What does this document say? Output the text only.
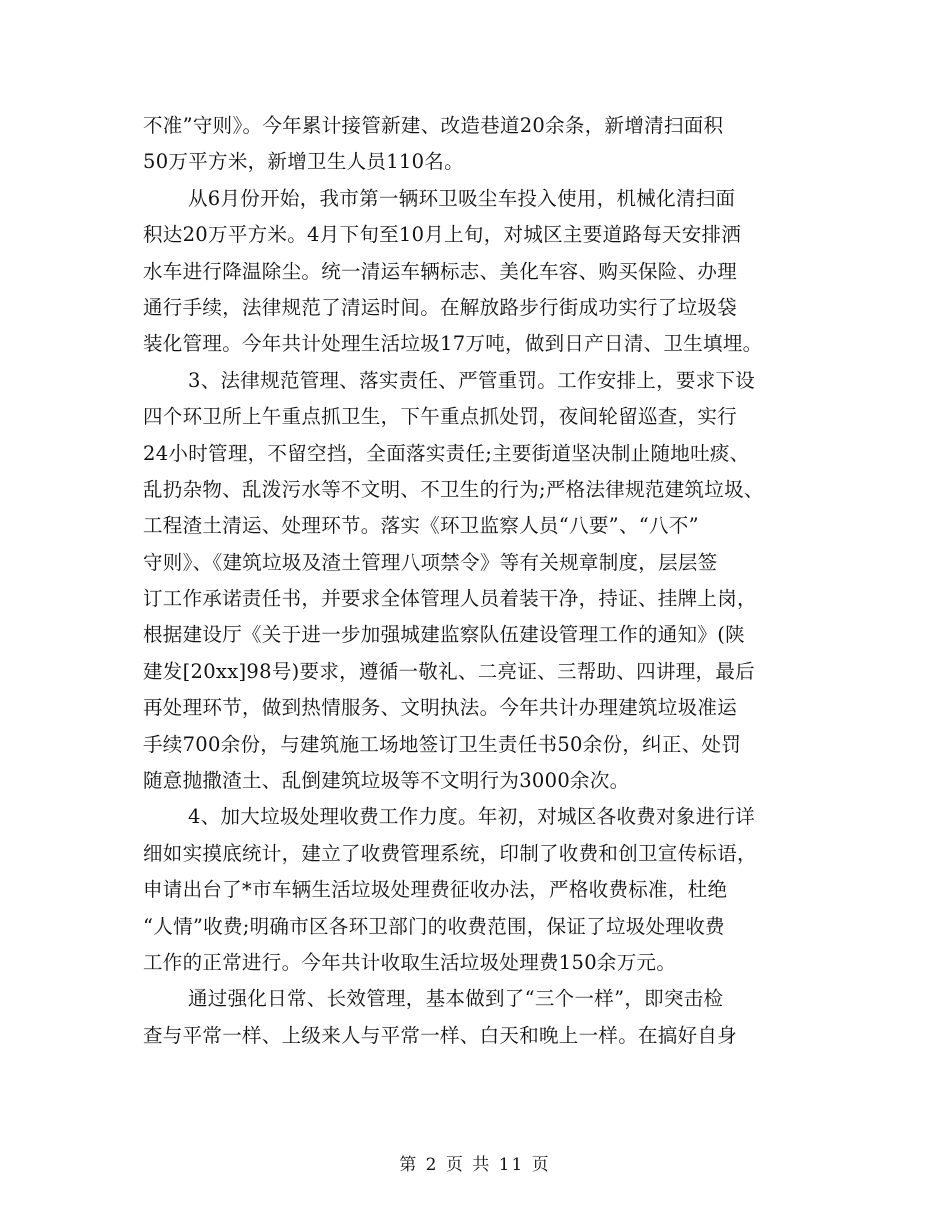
不准”守则》。今年累计接管新建、改造巷道20余条，新增清扫面积
50万平方米，新增卫生人员110名。
从6月份开始，我市第一辆环卫吸尘车投入使用，机械化清扫面
积达20万平方米。4月下旬至10月上旬，对城区主要道路每天安排洒
水车进行降温除尘。统一清运车辆标志、美化车容、购买保险、办理
通行手续，法律规范了清运时间。在解放路步行街成功实行了垃圾袋
装化管理。今年共计处理生活垃圾17万吨，做到日产日清、卫生填埋。
3、法律规范管理、落实责任、严管重罚。工作安排上，要求下设
四个环卫所上午重点抓卫生，下午重点抓处罚，夜间轮留巡查，实行
24小时管理，不留空挡，全面落实责任;主要街道坚决制止随地吐痰、
乱扔杂物、乱泼污水等不文明、不卫生的行为;严格法律规范建筑垃圾、
工程渣土清运、处理环节。落实《环卫监察人员“八要”、“八不”
守则》、《建筑垃圾及渣土管理八项禁令》等有关规章制度，层层签
订工作承诺责任书，并要求全体管理人员着装干净，持证、挂牌上岗，
根据建设厅《关于进一步加强城建监察队伍建设管理工作的通知》(陕
建发[20xx]98号)要求，遵循一敬礼、二亮证、三帮助、四讲理，最后
再处理环节，做到热情服务、文明执法。今年共计办理建筑垃圾准运
手续700余份，与建筑施工场地签订卫生责任书50余份，纠正、处罚
随意抛撒渣土、乱倒建筑垃圾等不文明行为3000余次。
4、加大垃圾处理收费工作力度。年初，对城区各收费对象进行详
细如实摸底统计，建立了收费管理系统，印制了收费和创卫宣传标语，
申请出台了*市车辆生活垃圾处理费征收办法，严格收费标准，杜绝
“人情”收费;明确市区各环卫部门的收费范围，保证了垃圾处理收费
工作的正常进行。今年共计收取生活垃圾处理费150余万元。
通过强化日常、长效管理，基本做到了“三个一样”，即突击检
查与平常一样、上级来人与平常一样、白天和晚上一样。在搞好自身
第 2 页 共 11 页
